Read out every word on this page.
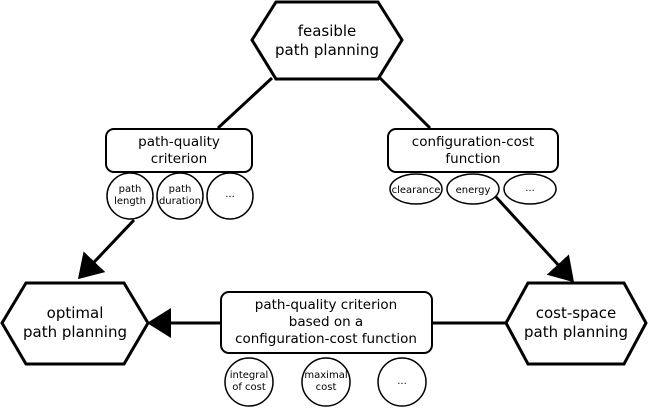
feasible path planning
optimal path planning
cost-space path planning
path-quality criterion
configuration-cost function
path-quality criterion based on a configuration-cost function
path length
path duration
...	clearance energy	...
integral of cost
maximal cost
...
